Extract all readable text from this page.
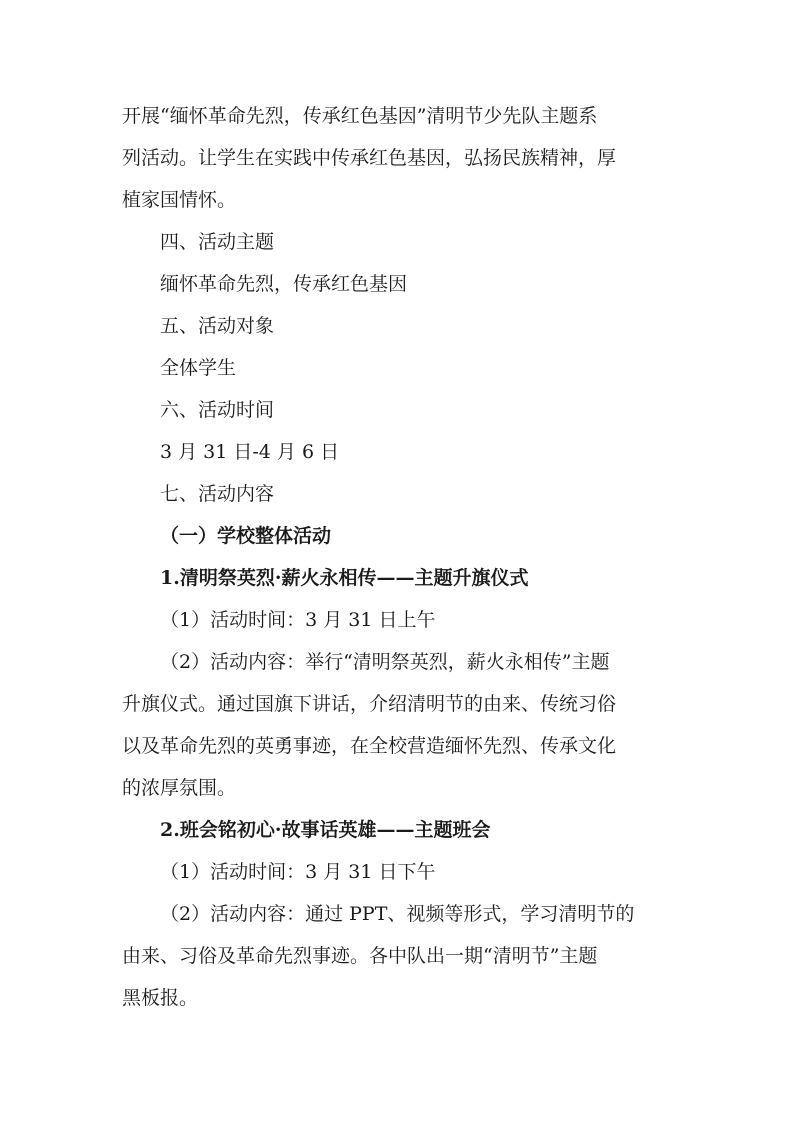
开展“缅怀革命先烈，传承红色基因”清明节少先队主题系
列活动。让学生在实践中传承红色基因，弘扬民族精神，厚
植家国情怀。
四、活动主题
缅怀革命先烈，传承红色基因
五、活动对象
全体学生
六、活动时间
3 月 31 日-4 月 6 日
七、活动内容
（一）学校整体活动
1.清明祭英烈·薪火永相传——主题升旗仪式
（1）活动时间：3 月 31 日上午
（2）活动内容：举行“清明祭英烈，薪火永相传”主题
升旗仪式。通过国旗下讲话，介绍清明节的由来、传统习俗
以及革命先烈的英勇事迹，在全校营造缅怀先烈、传承文化
的浓厚氛围。
2.班会铭初心·故事话英雄——主题班会
（1）活动时间：3 月 31 日下午
（2）活动内容：通过 PPT、视频等形式，学习清明节的
由来、习俗及革命先烈事迹。各中队出一期“清明节”主题
黑板报。
